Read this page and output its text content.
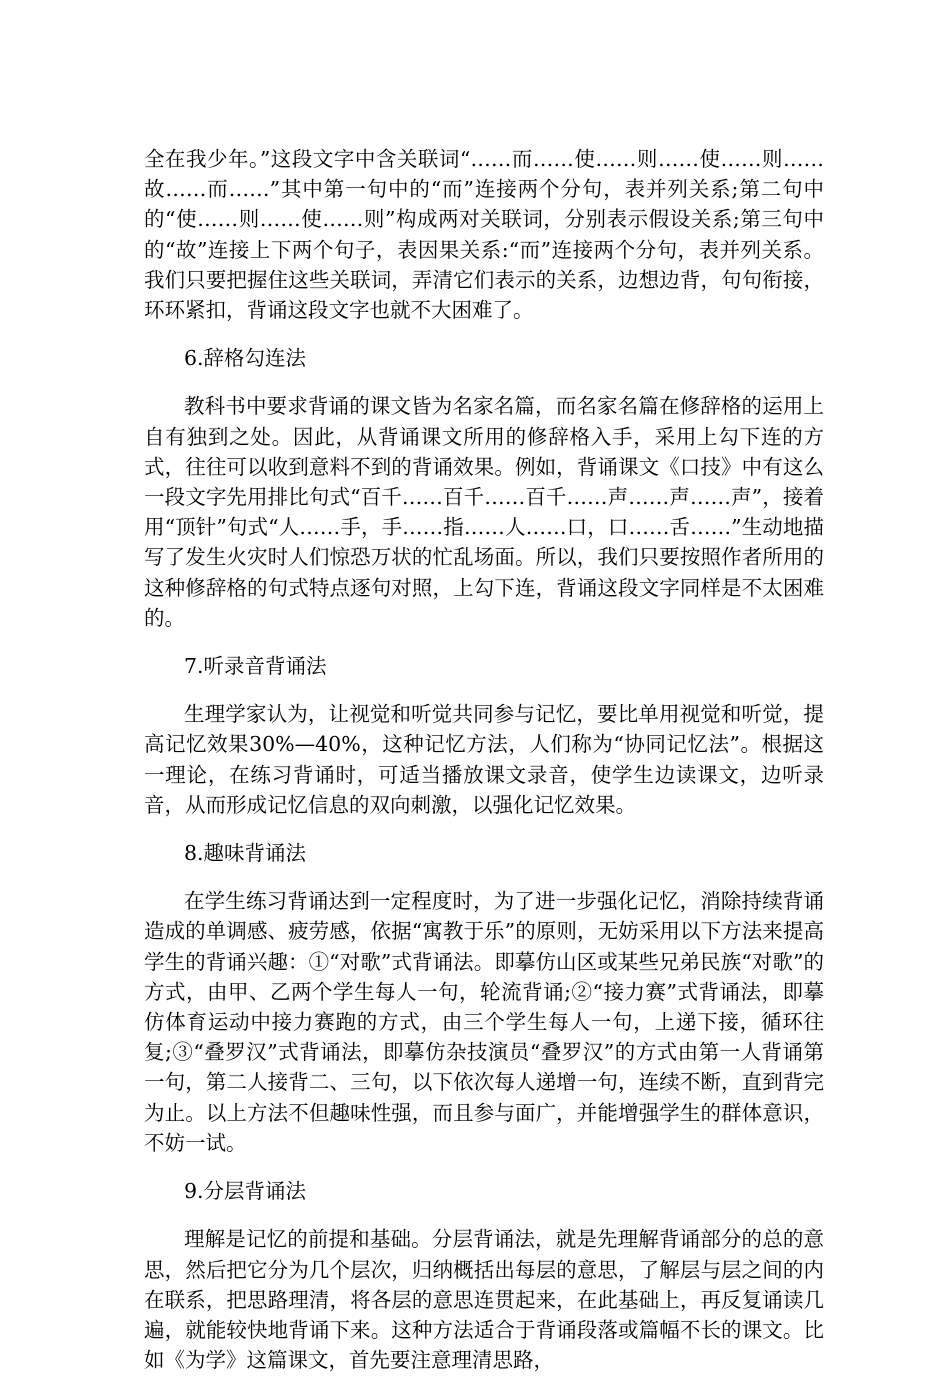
全在我少年。”这段文字中含关联词“……而……使……则……使……则……故……而……”其中第一句中的“而”连接两个分句，表并列关系;第二句中的“使……则……使……则”构成两对关联词，分别表示假设关系;第三句中的“故”连接上下两个句子，表因果关系:“而”连接两个分句，表并列关系。我们只要把握住这些关联词，弄清它们表示的关系，边想边背，句句衔接，环环紧扣，背诵这段文字也就不大困难了。

6.辞格勾连法

教科书中要求背诵的课文皆为名家名篇，而名家名篇在修辞格的运用上自有独到之处。因此，从背诵课文所用的修辞格入手，采用上勾下连的方式，往往可以收到意料不到的背诵效果。例如，背诵课文《口技》中有这么一段文字先用排比句式“百千……百千……百千……声……声……声”，接着用“顶针”句式“人……手，手……指……人……口，口……舌……”生动地描写了发生火灾时人们惊恐万状的忙乱场面。所以，我们只要按照作者所用的这种修辞格的句式特点逐句对照，上勾下连，背诵这段文字同样是不太困难的。

7.听录音背诵法

生理学家认为，让视觉和听觉共同参与记忆，要比单用视觉和听觉，提高记忆效果30%—40%，这种记忆方法，人们称为“协同记忆法”。根据这一理论，在练习背诵时，可适当播放课文录音，使学生边读课文，边听录音，从而形成记忆信息的双向刺激，以强化记忆效果。

8.趣味背诵法

在学生练习背诵达到一定程度时，为了进一步强化记忆，消除持续背诵造成的单调感、疲劳感，依据“寓教于乐”的原则，无妨采用以下方法来提高学生的背诵兴趣：①“对歌”式背诵法。即摹仿山区或某些兄弟民族“对歌”的方式，由甲、乙两个学生每人一句，轮流背诵;②“接力赛”式背诵法，即摹仿体育运动中接力赛跑的方式，由三个学生每人一句，上递下接，循环往复;③“叠罗汉”式背诵法，即摹仿杂技演员“叠罗汉”的方式由第一人背诵第一句，第二人接背二、三句，以下依次每人递增一句，连续不断，直到背完为止。以上方法不但趣味性强，而且参与面广，并能增强学生的群体意识，不妨一试。

9.分层背诵法

理解是记忆的前提和基础。分层背诵法，就是先理解背诵部分的总的意思，然后把它分为几个层次，归纳概括出每层的意思，了解层与层之间的内在联系，把思路理清，将各层的意思连贯起来，在此基础上，再反复诵读几遍，就能较快地背诵下来。这种方法适合于背诵段落或篇幅不长的课文。比如《为学》这篇课文，首先要注意理清思路，
